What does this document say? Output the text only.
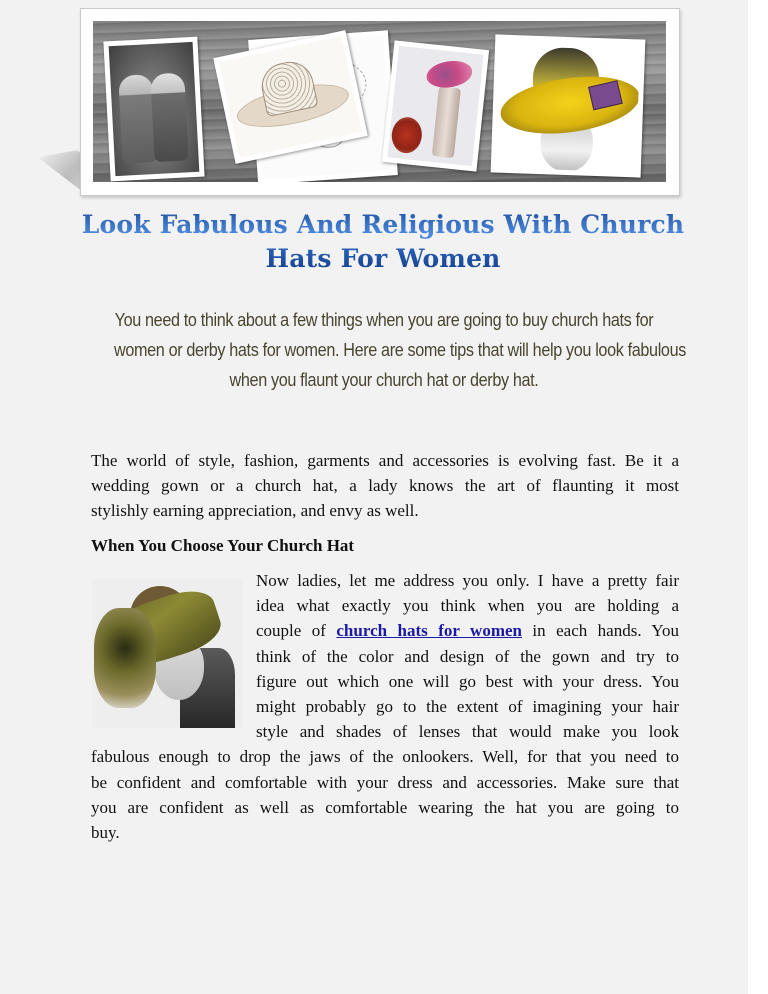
Look Fabulous And Religious With Church
Hats For Women
You need to think about a few things when you are going to buy church hats for
women or derby hats for women. Here are some tips that will help you look fabulous
when you flaunt your church hat or derby hat.
The world of style, fashion, garments and accessories is evolving fast. Be it a
wedding gown or a church hat, a lady knows the art of flaunting it most
stylishly earning appreciation, and envy as well.
When You Choose Your Church Hat
Now ladies, let me address you only. I have a pretty fair
idea what exactly you think when you are holding a
couple of church hats for women in each hands. You
think of the color and design of the gown and try to
figure out which one will go best with your dress. You
might probably go to the extent of imagining your hair
style and shades of lenses that would make you look
fabulous enough to drop the jaws of the onlookers. Well, for that you need to
be confident and comfortable with your dress and accessories. Make sure that
you are confident as well as comfortable wearing the hat you are going to
buy.
